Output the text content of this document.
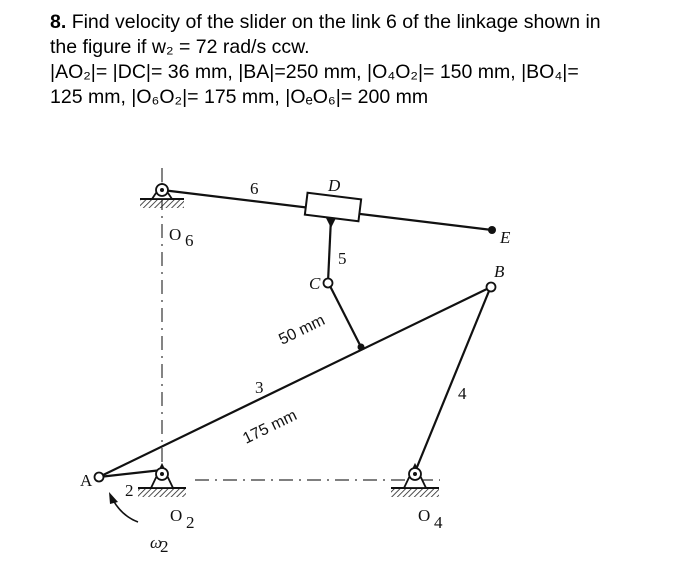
8. Find velocity of the slider on the link 6 of the linkage shown in

the figure if w₂ = 72 rad/s ccw.

|AO₂|= |DC|= 36 mm, |BA|=250 mm, |O₄O₂|= 150 mm, |BO₄|=

125 mm, |O₆O₂|= 175 mm, |OₑO₆|= 200 mm

6	D
E
O 6
5
C
B
50 mm
3
175 mm
4
A
2
O 2	O 4
ω
2
